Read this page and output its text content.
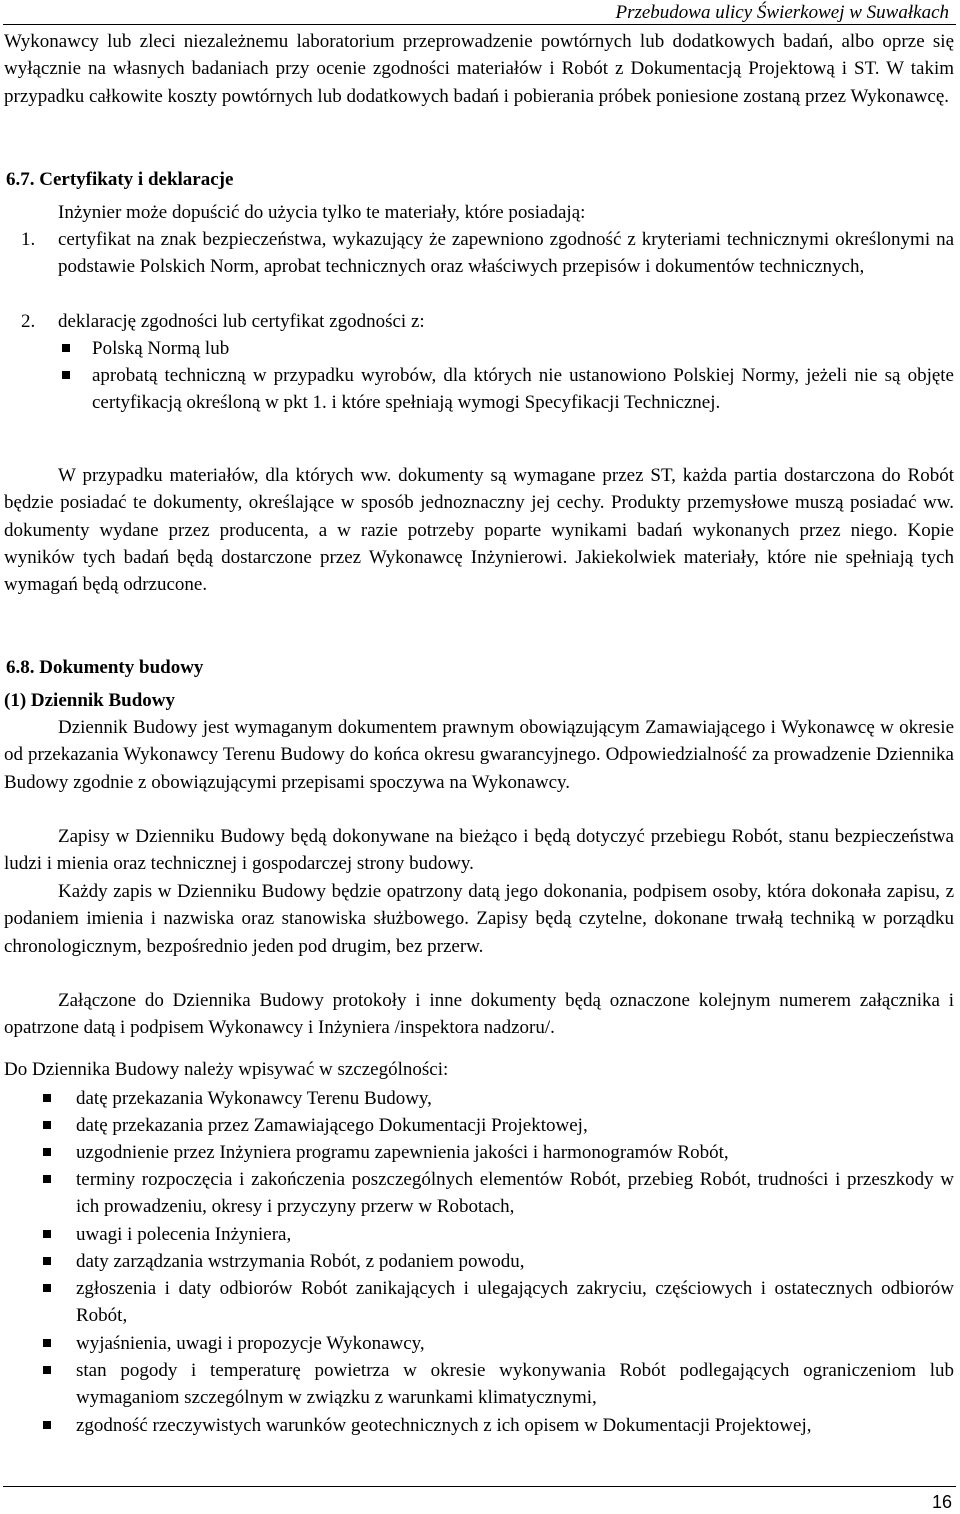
Przebudowa ulicy Świerkowej w Suwałkach
Wykonawcy lub zleci niezależnemu laboratorium przeprowadzenie powtórnych lub dodatkowych badań, albo oprze się wyłącznie na własnych badaniach przy ocenie zgodności materiałów i Robót z Dokumentacją Projektową i ST. W takim przypadku całkowite koszty powtórnych lub dodatkowych badań i pobierania próbek poniesione zostaną przez Wykonawcę.
6.7. Certyfikaty i deklaracje
Inżynier może dopuścić do użycia tylko te materiały, które posiadają:
1. certyfikat na znak bezpieczeństwa, wykazujący że zapewniono zgodność z kryteriami technicznymi określonymi na podstawie Polskich Norm, aprobat technicznych oraz właściwych przepisów i dokumentów technicznych,
2. deklarację zgodności lub certyfikat zgodności z:
Polską Normą lub
aprobatą techniczną w przypadku wyrobów, dla których nie ustanowiono Polskiej Normy, jeżeli nie są objęte certyfikacją określoną w pkt 1. i które spełniają wymogi Specyfikacji Technicznej.
W przypadku materiałów, dla których ww. dokumenty są wymagane przez ST, każda partia dostarczona do Robót będzie posiadać te dokumenty, określające w sposób jednoznaczny jej cechy. Produkty przemysłowe muszą posiadać ww. dokumenty wydane przez producenta, a w razie potrzeby poparte wynikami badań wykonanych przez niego. Kopie wyników tych badań będą dostarczone przez Wykonawcę Inżynierowi. Jakiekolwiek materiały, które nie spełniają tych wymagań będą odrzucone.
6.8. Dokumenty budowy
(1) Dziennik Budowy
Dziennik Budowy jest wymaganym dokumentem prawnym obowiązującym Zamawiającego i Wykonawcę w okresie od przekazania Wykonawcy Terenu Budowy do końca okresu gwarancyjnego. Odpowiedzialność za prowadzenie Dziennika Budowy zgodnie z obowiązującymi przepisami spoczywa na Wykonawcy.
Zapisy w Dzienniku Budowy będą dokonywane na bieżąco i będą dotyczyć przebiegu Robót, stanu bezpieczeństwa ludzi i mienia oraz technicznej i gospodarczej strony budowy.
Każdy zapis w Dzienniku Budowy będzie opatrzony datą jego dokonania, podpisem osoby, która dokonała zapisu, z podaniem imienia i nazwiska oraz stanowiska służbowego. Zapisy będą czytelne, dokonane trwałą techniką w porządku chronologicznym, bezpośrednio jeden pod drugim, bez przerw.
Załączone do Dziennika Budowy protokoły i inne dokumenty będą oznaczone kolejnym numerem załącznika i opatrzone datą i podpisem Wykonawcy i Inżyniera /inspektora nadzoru/.
Do Dziennika Budowy należy wpisywać w szczególności:
datę przekazania Wykonawcy Terenu Budowy,
datę przekazania przez Zamawiającego Dokumentacji Projektowej,
uzgodnienie przez Inżyniera programu zapewnienia jakości i harmonogramów Robót,
terminy rozpoczęcia i zakończenia poszczególnych elementów Robót, przebieg Robót, trudności i przeszkody w ich prowadzeniu, okresy i przyczyny przerw w Robotach,
uwagi i polecenia Inżyniera,
daty zarządzania wstrzymania Robót, z podaniem powodu,
zgłoszenia i daty odbiorów Robót zanikających i ulegających zakryciu, częściowych i ostatecznych odbiorów Robót,
wyjaśnienia, uwagi i propozycje Wykonawcy,
stan pogody i temperaturę powietrza w okresie wykonywania Robót podlegających ograniczeniom lub wymaganiom szczególnym w związku z warunkami klimatycznymi,
zgodność rzeczywistych warunków geotechnicznych z ich opisem w Dokumentacji Projektowej,
16
